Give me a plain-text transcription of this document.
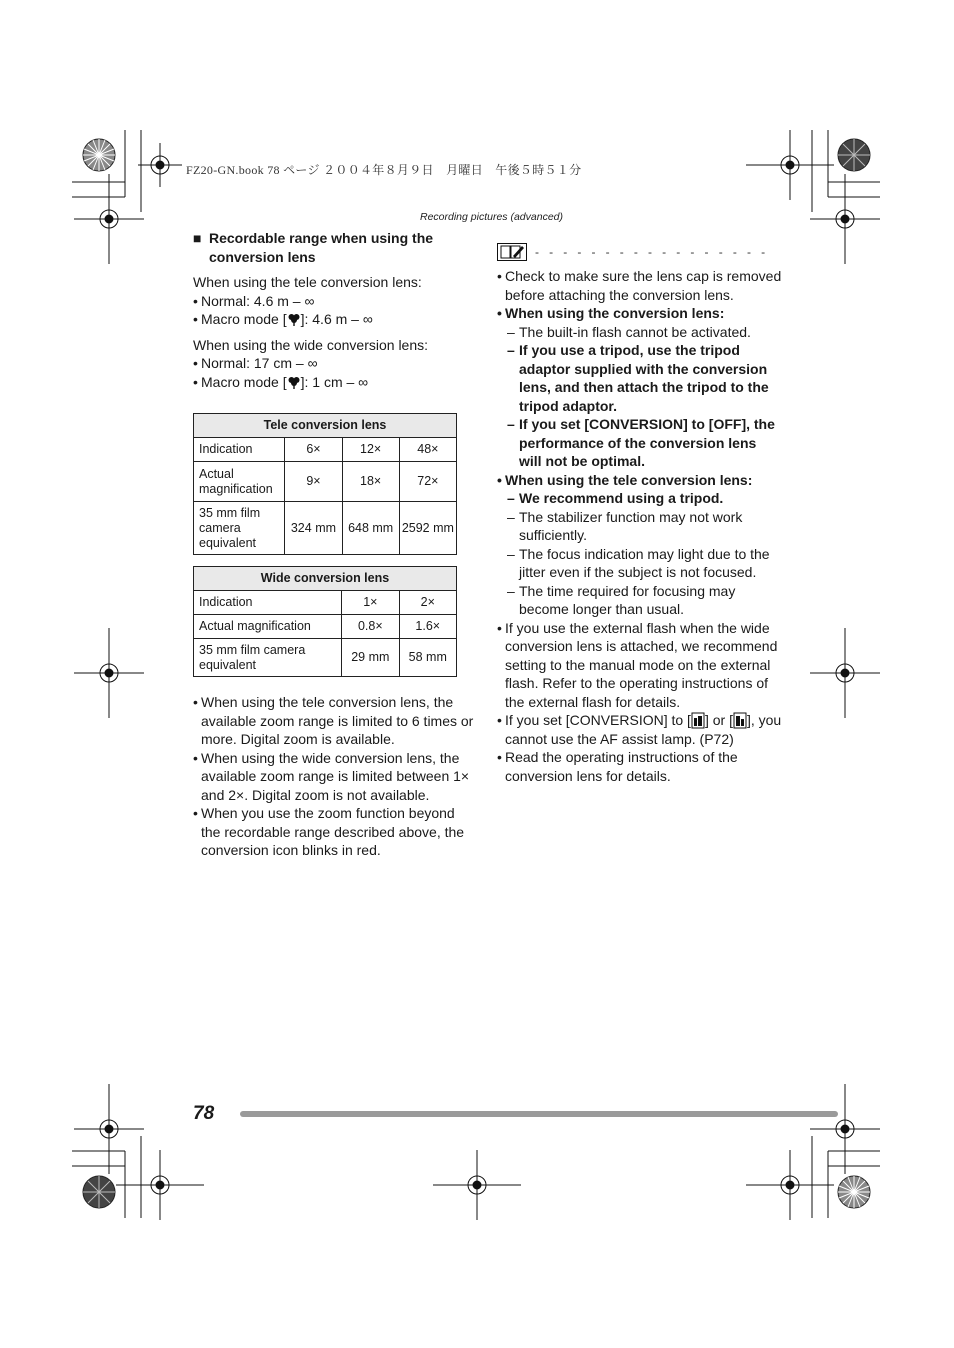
FZ20-GN.book 78 ページ ２００４年８月９日　月曜日　午後５時５１分
Recording pictures (advanced)
■ Recordable range when using the
conversion lens

When using the tele conversion lens:

• Normal: 4.6 m – ∞
• Macro mode [ ]: 4.6 m – ∞

When using the wide conversion lens:

• Normal: 17 cm – ∞
• Macro mode [ ]: 1 cm – ∞
Tele conversion lens			
Indication	6×	12×	48×
Actual magnification	9×	18×	72×
35 mm film camera equivalent	324 mm	648 mm	2592 mm
Wide conversion lens		
Indication	1×	2×
Actual magnification	0.8×	1.6×
35 mm film camera equivalent	29 mm	58 mm
• When using the tele conversion lens, the available zoom range is limited to 6 times or more. Digital zoom is available.
• When using the wide conversion lens, the available zoom range is limited between 1× and 2×. Digital zoom is not available.
• When you use the zoom function beyond the recordable range described above, the conversion icon blinks in red.
- - - - - - - - - - - - - - - - -
• Check to make sure the lens cap is removed before attaching the conversion lens.
• When using the conversion lens:
– The built-in flash cannot be activated.
– If you use a tripod, use the tripod adaptor supplied with the conversion lens, and then attach the tripod to the tripod adaptor.
– If you set [CONVERSION] to [OFF], the performance of the conversion lens will not be optimal.
• When using the tele conversion lens:
– We recommend using a tripod.
– The stabilizer function may not work sufficiently.
– The focus indication may light due to the jitter even if the subject is not focused.
– The time required for focusing may become longer than usual.
• If you use the external flash when the wide conversion lens is attached, we recommend setting to the manual mode on the external flash. Refer to the operating instructions of the external flash for details.
• If you set [CONVERSION] to [ ] or [ ], you cannot use the AF assist lamp. (P72)
• Read the operating instructions of the conversion lens for details.
78
